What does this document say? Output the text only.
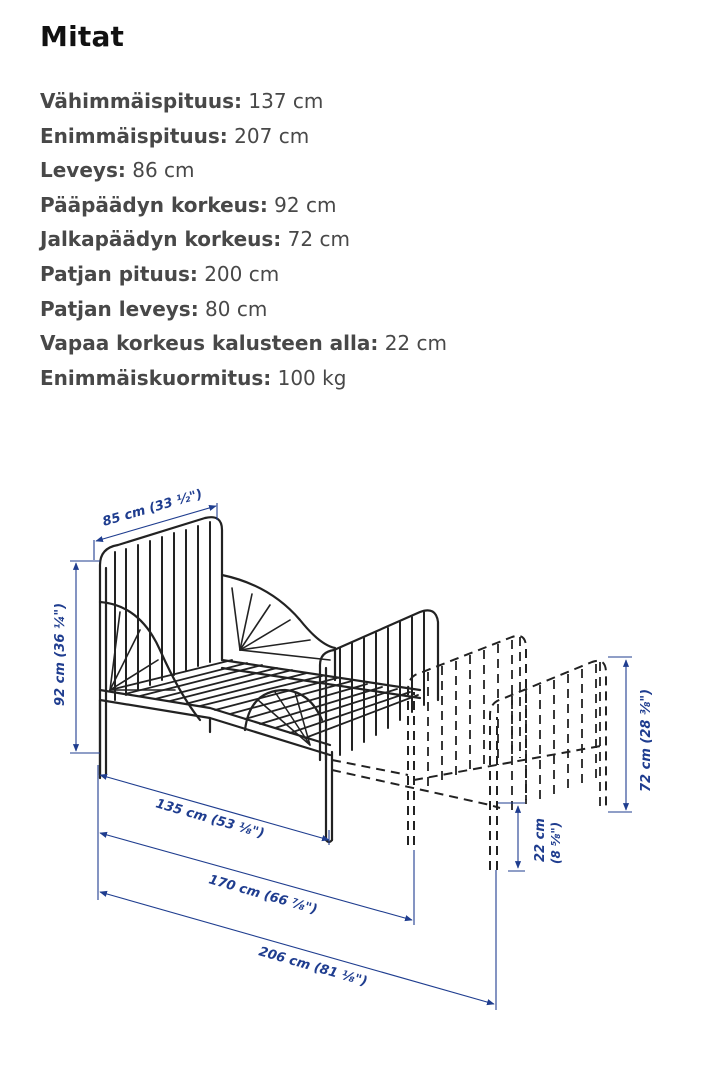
Mitat
Vähimmäispituus: 137 cm
Enimmäispituus: 207 cm
Leveys: 86 cm
Pääpäädyn korkeus: 92 cm
Jalkapäädyn korkeus: 72 cm
Patjan pituus: 200 cm
Patjan leveys: 80 cm
Vapaa korkeus kalusteen alla: 22 cm
Enimmäiskuormitus: 100 kg
85 cm (33 ½")
92 cm (36 ¼")
135 cm (53 ⅛")
170 cm (66 ⅞")
206 cm (81 ⅛")
22 cm (8 ⅝")
72 cm (28 ⅜")
